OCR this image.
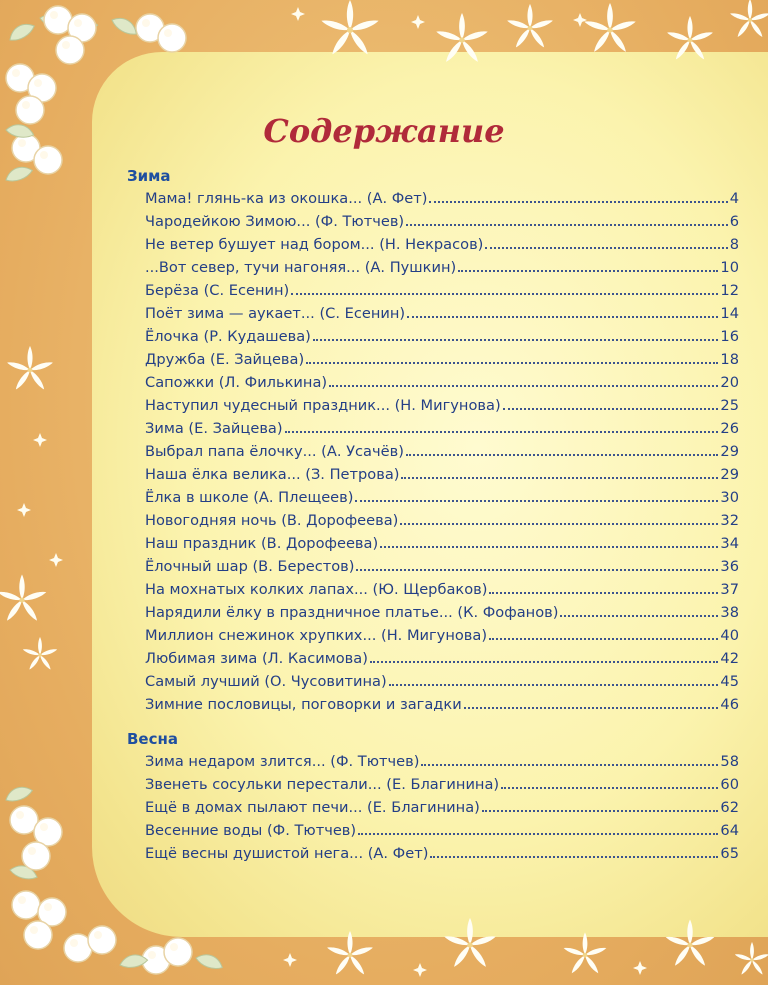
Содержание
Зима
Мама! глянь-ка из окошка... (А. Фет)	4
Чародейкою Зимою... (Ф. Тютчев)	6
Не ветер бушует над бором... (Н. Некрасов)	8
...Вот север, тучи нагоняя... (А. Пушкин)	10
Берёза (С. Есенин)	12
Поёт зима — аукает... (С. Есенин)	14
Ёлочка (Р. Кудашева)	16
Дружба (Е. Зайцева)	18
Сапожки (Л. Филькина)	20
Наступил чудесный праздник... (Н. Мигунова)	25
Зима (Е. Зайцева)	26
Выбрал папа ёлочку... (А. Усачёв)	29
Наша ёлка велика... (З. Петрова)	29
Ёлка в школе (А. Плещеев)	30
Новогодняя ночь (В. Дорофеева)	32
Наш праздник (В. Дорофеева)	34
Ёлочный шар (В. Берестов)	36
На мохнатых колких лапах... (Ю. Щербаков)	37
Нарядили ёлку в праздничное платье... (К. Фофанов)	38
Миллион снежинок хрупких... (Н. Мигунова)	40
Любимая зима (Л. Касимова)	42
Самый лучший (О. Чусовитина)	45
Зимние пословицы, поговорки и загадки	46
Весна
Зима недаром злится... (Ф. Тютчев)	58
Звенеть сосульки перестали... (Е. Благинина)	60
Ещё в домах пылают печи... (Е. Благинина)	62
Весенние воды (Ф. Тютчев)	64
Ещё весны душистой нега... (А. Фет)	65
